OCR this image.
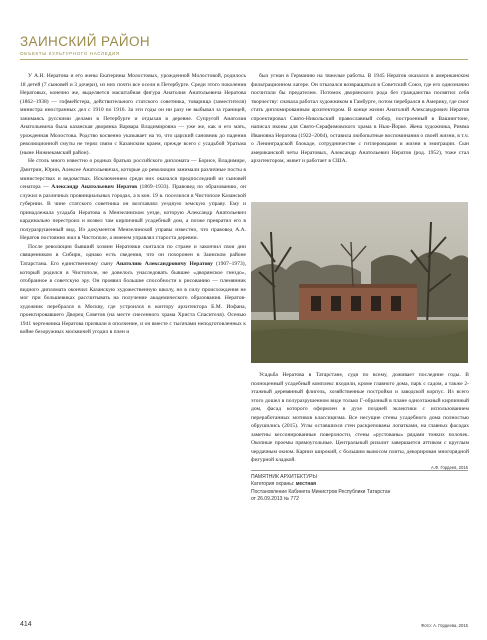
ЗАИНСКИЙ РАЙОН
ОБЪЕКТЫ КУЛЬТУРНОГО НАСЛЕДИЯ

У А.Н. Нератова и его жены Екатерины Молостовых, урожденной Молостовой, родилось 18 детей (7 сыновей и 3 дочери), из них почти все осели в Петербурге. Среди этого поколения Нератовых, конечно же, выделяется масштабная фигура Анатолия Анатольевича Нератова (1862–1938) — гофмейстера, действительного статского советника, товарища (заместителя) министра иностранных дел с 1910 по 1916. За эти годы он ни разу не выбывал за границей, занимаясь русскими делами в Петербурге и отдыхая в деревне. Супругой Анатолия Анатольевича была казанская дворянка Варвара Владимировна — уже же, как и его мать, урожденная Молостова. Родство косвенно указывает на то, что царский сановник до падения революционной смуты не терял связи с Казанским краем, прежде всего с усадьбой Уратьма (ныне Нижнекамский район).

Не столь много известно о родных братьях российского дипломата — Борисе, Владимире, Дмитрии, Юрии, Алексее Анатольевичах, которые до революции занимали различные посты в министерствах и ведомствах. Исключением среди них оказался предпоследний из сыновей сенатора — Александр Анатольевич Нератов (1869–1933). Правовед по образованию, он служил в различных провинциальных городах, а в кон. 19 в. поселился в Чистополе Казанской губернии. В чине статского советника он возглавлял уездную земскую управу. Ему и принадлежала усадьба Нератова в Мензелинском уезде, которую Александр Анатольевич кардинально перестроил и возвел там кирпичный усадебный дом, а позже превратил его в полуразрушенный вид. Из документов Мензелинской управы известно, что правовед А.А. Нератов постоянно жил в Чистополе, а именем управлял староста деревни.

После революции бывший хозяин Нератовки скитался по стране и закончил свои дни священником в Сибири, однако есть сведения, что он похоронен в Заинском районе Татарстана. Его единственному сыну Анатолию Александровичу Нератову (1907–1973), который родился в Чистополе, не довелось унаследовать бывшее «дворянское гнездо», отобранное в советскую эру. Он проявил большие способности к рисованию — племянник видного дипломата окончил Казанскую художественную школу, но в силу происхождения не мог при большевиках рассчитывать на получение академического образования. Нератов-художник перебрался в Москву, где устроился в контору архитектора Б.М. Иофана, проектировавшего Дворец Советов (на месте снесенного храма Христа Спасителя). Осенью 1941 чертежника Нератова призвали в ополчение, и он вместе с тысячами неподготовленных к войне безоружных москвичей угодил в плен и

был угнан в Германию на тяжелые работы. В 1945 Нератов оказался в американском фильтрационном лагере. Он отказался возвращаться в Советский Союз, где его однозначно посчитали бы предателем. Потомок дворянского рода без гражданства посвятил себя творчеству: сначала работал художником в Гамбурге, потом перебрался в Америку, где смог стать дипломированным архитектором. В конце жизни Анатолий Александрович Нератов спроектировал Свято-Никольский православный собор, построенный в Вашингтоне, написал иконы для Свято-Серафимовского храма в Нью-Йорке. Жена художника, Римма Ивановна Нератова (1922–2004), оставила любопытные воспоминания о своей жизни, в т.ч. о Ленинградской блокаде, сотрудничестве с гитлеровцами и жизни в эмиграции. Сын американской четы Нератовых, Александр Анатольевич Нератов (род. 1952), тоже стал архитектором, живет и работает в США.

Усадьба Нератова в Татарстане, судя по всему, доживает последние годы. В полноценный усадебный комплекс входили, кроме главного дома, парк с садом, а также 2-этажный деревянный флигель, хозяйственные постройки и заводской корпус. Из всего этого дошел в полуразрушенном виде только Г-образный в плане одноэтажный кирпичный дом, фасад которого оформлен в духе поздней эклектики с использованием переработанных мотивов классицизма. Все несущие стены усадебного дома полностью обрушились (2015). Углы оставшихся стен раскрепованы лопатками, на главных фасадах заметны кессонированные поверхности, стены «рустованы» рядами тонких полочек. Окопные проемы прямоугольные. Центральный ризалит завершается аттиком с круглым чердачным окном. Карниз широкий, с большим выносом плиты, декорирован многорядной фигурной кладкой.

А.Ф. Гордеев, 2015
ПАМЯТНИК АРХИТЕКТУРЫ
Категория охраны: местная
Постановление Кабинета Министров Республики Татарстан
от 26.09.2013 № 772
414	Фото: А. Гордеева, 2015
